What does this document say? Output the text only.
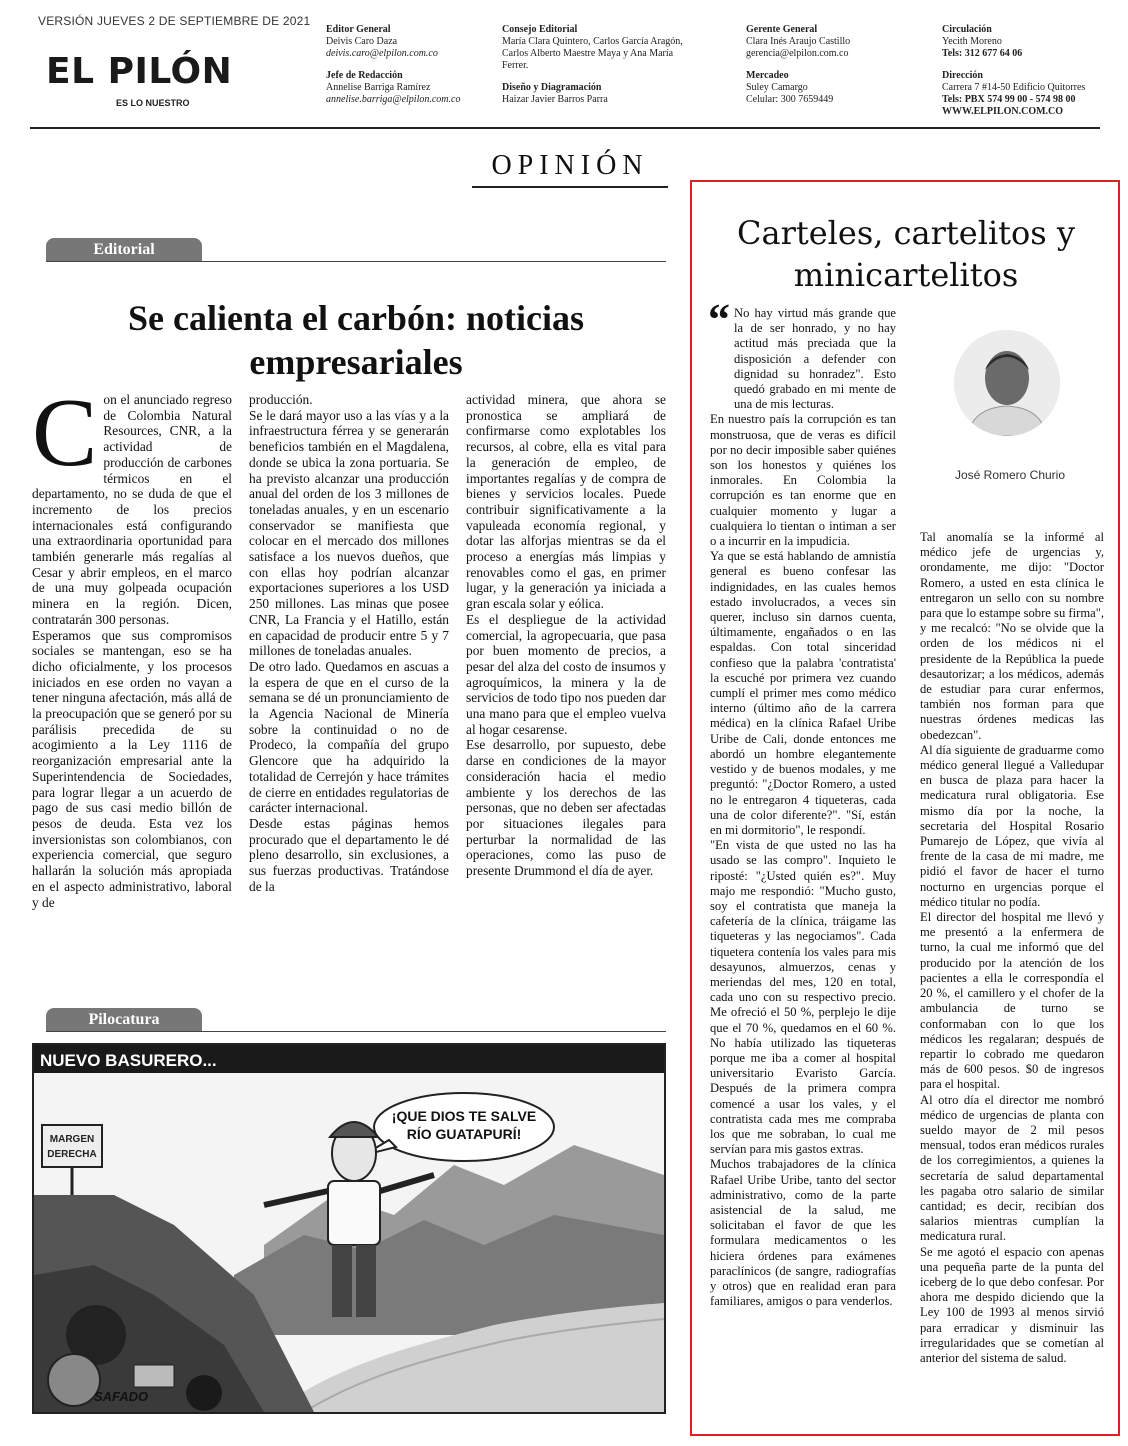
VERSIÓN JUEVES 2 DE SEPTIEMBRE DE 2021
EL PILÓN
ES LO NUESTRO
Editor General
Deivis Caro Daza
deivis.caro@elpilon.com.co
Jefe de Redacción
Annelise Barriga Ramírez
annelise.barriga@elpilon.com.co
Consejo Editorial
María Clara Quintero, Carlos García Aragón,
Carlos Alberto Maestre Maya y Ana María
Ferrer.
Diseño y Diagramación
Haizar Javier Barros Parra
Gerente General
Clara Inés Araujo Castillo
gerencia@elpilon.com.co
Mercadeo
Suley Camargo
Celular: 300 7659449
Circulación
Yecith Moreno
Tels: 312 677 64 06
Dirección
Carrera 7 #14-50 Edificio Quitorres
Tels: PBX 574 99 00 - 574 98 00
WWW.ELPILON.COM.CO
OPINIÓN
Editorial
Se calienta el carbón: noticias empresariales

Con el anunciado regreso de Colombia Natural Resources, CNR, a la actividad de producción de carbones térmicos en el departamento, no se duda de que el incremento de los precios internacionales está configurando una extraordinaria oportunidad para también generarle más regalías al Cesar y abrir empleos, en el marco de una muy golpeada ocupación minera en la región. Dicen, contratarán 300 personas.

Esperamos que sus compromisos sociales se mantengan, eso se ha dicho oficialmente, y los procesos iniciados en ese orden no vayan a tener ninguna afectación, más allá de la preocupación que se generó por su parálisis precedida de su acogimiento a la Ley 1116 de reorganización empresarial ante la Superintendencia de Sociedades, para lograr llegar a un acuerdo de pago de sus casi medio billón de pesos de deuda. Esta vez los inversionistas son colombianos, con experiencia comercial, que seguro hallarán la solución más apropiada en el aspecto administrativo, laboral y de

producción.

Se le dará mayor uso a las vías y a la infraestructura férrea y se generarán beneficios también en el Magdalena, donde se ubica la zona portuaria. Se ha previsto alcanzar una producción anual del orden de los 3 millones de toneladas anuales, y en un escenario conservador se manifiesta que colocar en el mercado dos millones satisface a los nuevos dueños, que con ellas hoy podrían alcanzar exportaciones superiores a los USD 250 millones. Las minas que posee CNR, La Francia y el Hatillo, están en capacidad de producir entre 5 y 7 millones de toneladas anuales.

De otro lado. Quedamos en ascuas a la espera de que en el curso de la semana se dé un pronunciamiento de la Agencia Nacional de Minería sobre la continuidad o no de Prodeco, la compañía del grupo Glencore que ha adquirido la totalidad de Cerrejón y hace trámites de cierre en entidades regulatorias de carácter internacional.

Desde estas páginas hemos procurado que el departamento le dé pleno desarrollo, sin exclusiones, a sus fuerzas productivas. Tratándose de la

actividad minera, que ahora se pronostica se ampliará de confirmarse como explotables los recursos, al cobre, ella es vital para la generación de empleo, de importantes regalías y de compra de bienes y servicios locales. Puede contribuir significativamente a la vapuleada economía regional, y dotar las alforjas mientras se da el proceso a energías más limpias y renovables como el gas, en primer lugar, y la generación ya iniciada a gran escala solar y eólica.

Es el despliegue de la actividad comercial, la agropecuaria, que pasa por buen momento de precios, a pesar del alza del costo de insumos y agroquímicos, la minera y la de servicios de todo tipo nos pueden dar una mano para que el empleo vuelva al hogar cesarense.

Ese desarrollo, por supuesto, debe darse en condiciones de la mayor consideración hacia el medio ambiente y los derechos de las personas, que no deben ser afectadas por situaciones ilegales para perturbar la normalidad de las operaciones, como las puso de presente Drummond el día de ayer.

Pilocatura
NUEVO BASURERO...
MARGEN
DERECHA
¡QUE DIOS TE SALVE
RÍO GUATAPURÍ!
SAFADO
Carteles, cartelitos y minicartelitos
“
José Romero Churio

No hay virtud más grande que la de ser honrado, y no hay actitud más preciada que la disposición a defender con dignidad su honradez". Esto quedó grabado en mi mente de una de mis lecturas.

En nuestro país la corrupción es tan monstruosa, que de veras es difícil por no decir imposible saber quiénes son los honestos y quiénes los inmorales. En Colombia la corrupción es tan enorme que en cualquier momento y lugar a cualquiera lo tientan o intiman a ser o a incurrir en la impudicia.

Ya que se está hablando de amnistía general es bueno confesar las indignidades, en las cuales hemos estado involucrados, a veces sin querer, incluso sin darnos cuenta, últimamente, engañados o en las espaldas. Con total sinceridad confieso que la palabra 'contratista' la escuché por primera vez cuando cumplí el primer mes como médico interno (último año de la carrera médica) en la clínica Rafael Uribe Uribe de Cali, donde entonces me abordó un hombre elegantemente vestido y de buenos modales, y me preguntó: "¿Doctor Romero, a usted no le entregaron 4 tiqueteras, cada una de color diferente?". "Sí, están en mi dormitorio", le respondí.

"En vista de que usted no las ha usado se las compro". Inquieto le riposté: "¿Usted quién es?". Muy majo me respondió: "Mucho gusto, soy el contratista que maneja la cafetería de la clínica, tráigame las tiqueteras y las negociamos". Cada tiquetera contenía los vales para mis desayunos, almuerzos, cenas y meriendas del mes, 120 en total, cada uno con su respectivo precio. Me ofreció el 50 %, perplejo le dije que el 70 %, quedamos en el 60 %. No había utilizado las tiqueteras porque me iba a comer al hospital universitario Evaristo García. Después de la primera compra comencé a usar los vales, y el contratista cada mes me compraba los que me sobraban, lo cual me servían para mis gastos extras.

Muchos trabajadores de la clínica Rafael Uribe Uribe, tanto del sector administrativo, como de la parte asistencial de la salud, me solicitaban el favor de que les formulara medicamentos o les hiciera órdenes para exámenes paraclínicos (de sangre, radiografías y otros) que en realidad eran para familiares, amigos o para venderlos.

Tal anomalía se la informé al médico jefe de urgencias y, orondamente, me dijo: "Doctor Romero, a usted en esta clínica le entregaron un sello con su nombre para que lo estampe sobre su firma", y me recalcó: "No se olvide que la orden de los médicos ni el presidente de la República la puede desautorizar; a los médicos, además de estudiar para curar enfermos, también nos forman para que nuestras órdenes medicas las obedezcan".

Al día siguiente de graduarme como médico general llegué a Valledupar en busca de plaza para hacer la medicatura rural obligatoria. Ese mismo día por la noche, la secretaria del Hospital Rosario Pumarejo de López, que vivía al frente de la casa de mi madre, me pidió el favor de hacer el turno nocturno en urgencias porque el médico titular no podía.

El director del hospital me llevó y me presentó a la enfermera de turno, la cual me informó que del producido por la atención de los pacientes a ella le correspondía el 20 %, el camillero y el chofer de la ambulancia de turno se conformaban con lo que los médicos les regalaran; después de repartir lo cobrado me quedaron más de 600 pesos. $0 de ingresos para el hospital.

Al otro día el director me nombró médico de urgencias de planta con sueldo mayor de 2 mil pesos mensual, todos eran médicos rurales de los corregimientos, a quienes la secretaría de salud departamental les pagaba otro salario de similar cantidad; es decir, recibían dos salarios mientras cumplían la medicatura rural.

Se me agotó el espacio con apenas una pequeña parte de la punta del iceberg de lo que debo confesar. Por ahora me despido diciendo que la Ley 100 de 1993 al menos sirvió para erradicar y disminuir las irregularidades que se cometían al anterior del sistema de salud.
